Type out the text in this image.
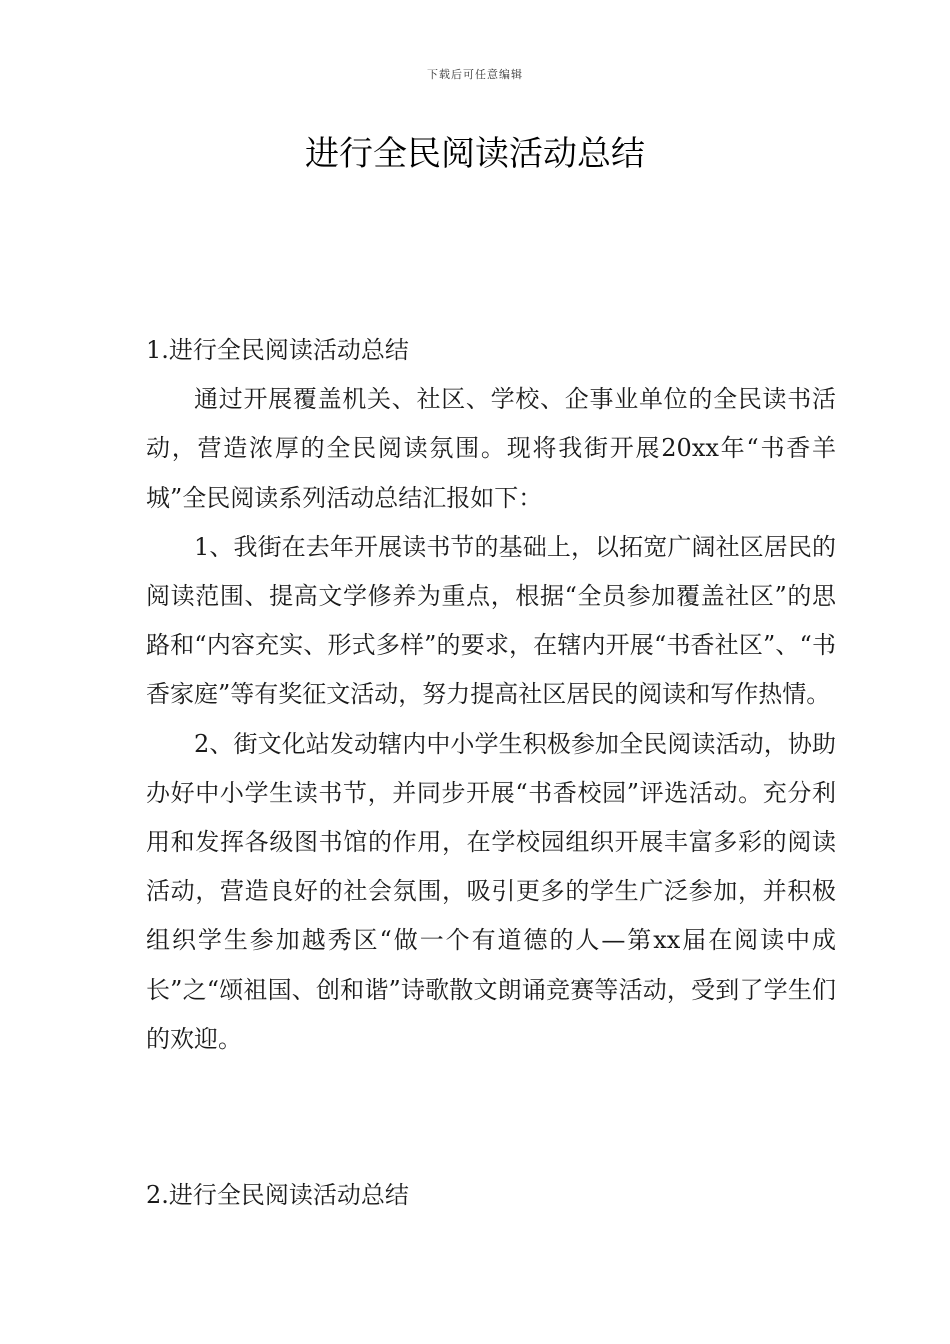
下载后可任意编辑
进行全民阅读活动总结
1.进行全民阅读活动总结

通过开展覆盖机关、社区、学校、企事业单位的全民读书活动，营造浓厚的全民阅读氛围。现将我街开展20xx年“书香羊城”全民阅读系列活动总结汇报如下：

1、我街在去年开展读书节的基础上，以拓宽广阔社区居民的阅读范围、提高文学修养为重点，根据“全员参加覆盖社区”的思路和“内容充实、形式多样”的要求，在辖内开展“书香社区”、“书香家庭”等有奖征文活动，努力提高社区居民的阅读和写作热情。

2、街文化站发动辖内中小学生积极参加全民阅读活动，协助办好中小学生读书节，并同步开展“书香校园”评选活动。充分利用和发挥各级图书馆的作用，在学校园组织开展丰富多彩的阅读活动，营造良好的社会氛围，吸引更多的学生广泛参加，并积极组织学生参加越秀区“做一个有道德的人—第xx届在阅读中成长”之“颂祖国、创和谐”诗歌散文朗诵竞赛等活动，受到了学生们的欢迎。

2.进行全民阅读活动总结
